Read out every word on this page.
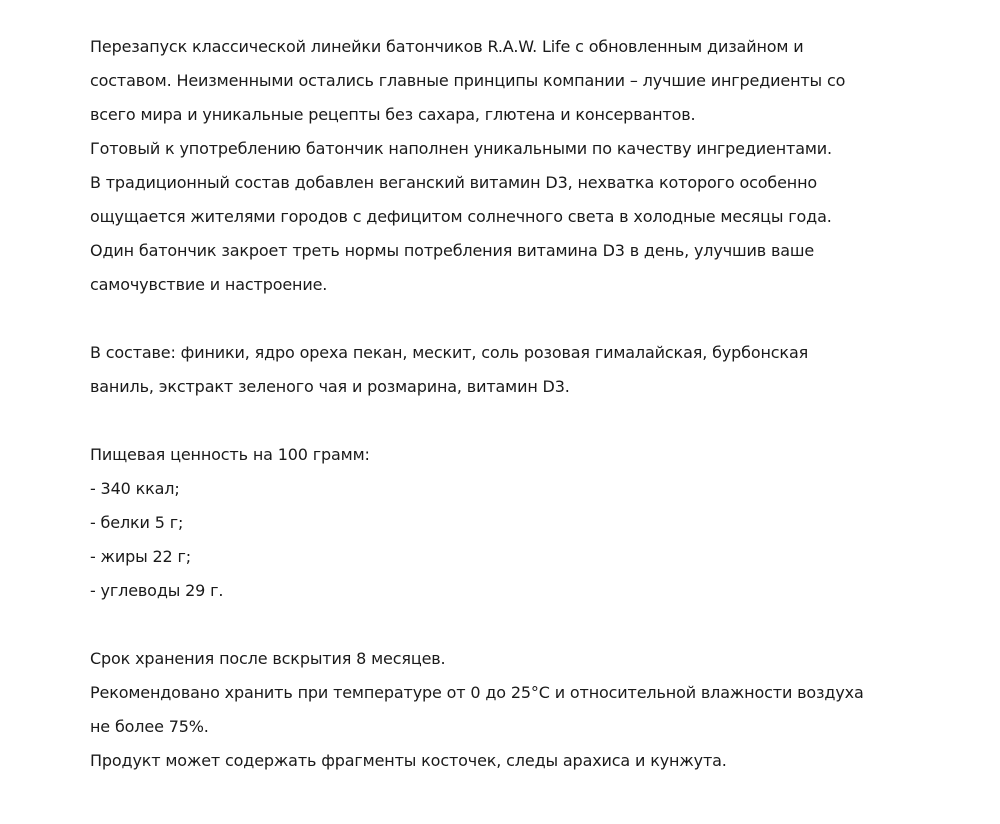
Перезапуск классической линейки батончиков R.A.W. Life с обновленным дизайном и
составом. Неизменными остались главные принципы компании – лучшие ингредиенты со
всего мира и уникальные рецепты без сахара, глютена и консервантов.
Готовый к употреблению батончик наполнен уникальными по качеству ингредиентами.
В традиционный состав добавлен веганский витамин D3, нехватка которого особенно
ощущается жителями городов с дефицитом солнечного света в холодные месяцы года.
Один батончик закроет треть нормы потребления витамина D3 в день, улучшив ваше
самочувствие и настроение.
В составе: финики, ядро ореха пекан, мескит, соль розовая гималайская, бурбонская
ваниль, экстракт зеленого чая и розмарина, витамин D3.
Пищевая ценность на 100 грамм:
- 340 ккал;
- белки 5 г;
- жиры 22 г;
- углеводы 29 г.
Срок хранения после вскрытия 8 месяцев.
Рекомендовано хранить при температуре от 0 до 25°С и относительной влажности воздуха
не более 75%.
Продукт может содержать фрагменты косточек, следы арахиса и кунжута.
